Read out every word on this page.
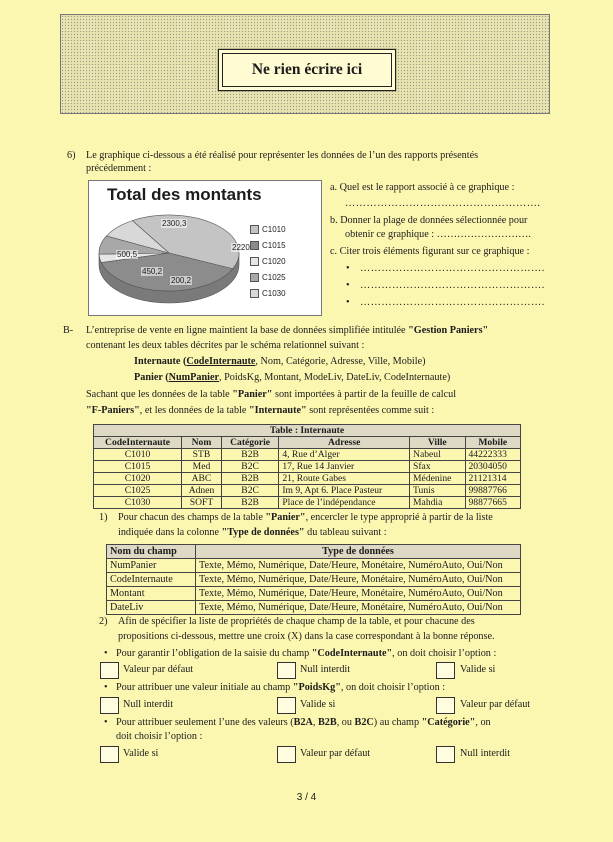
Ne rien écrire ici
6) Le graphique ci-dessous a été réalisé pour représenter les données de l’un des rapports présentés
précédemment :
Total des montants
2300,3
2220
200,2
450,2
500,5
C1010
C1015
C1020
C1025
C1030
a. Quel est le rapport associé à ce graphique :
……………………………………………….
b. Donner la plage de données sélectionnée pour
obtenir ce graphique : ……………………….
c. Citer trois éléments figurant sur ce graphique :
• …………………………………………….
• …………………………………………….
• …………………………………………….
B- L’entreprise de vente en ligne maintient la base de données simplifiée intitulée "Gestion Paniers"
contenant les deux tables décrites par le schéma relationnel suivant :
Internaute (CodeInternaute, Nom, Catégorie, Adresse, Ville, Mobile)
Panier (NumPanier, PoidsKg, Montant, ModeLiv, DateLiv, CodeInternaute)
Sachant que les données de la table "Panier" sont importées à partir de la feuille de calcul
"F-Paniers", et les données de la table "Internaute" sont représentées comme suit :
Table : Internaute					
CodeInternaute	Nom	Catégorie	Adresse	Ville	Mobile
C1010	STB	B2B	4, Rue d’Alger	Nabeul	44222333
C1015	Med	B2C	17, Rue 14 Janvier	Sfax	20304050
C1020	ABC	B2B	21, Route Gabes	Médenine	21121314
C1025	Adnen	B2C	Im 9, Apt 6. Place Pasteur	Tunis	99887766
C1030	SOFT	B2B	Place de l’indépendance	Mahdia	98877665
1) Pour chacun des champs de la table "Panier", encercler le type approprié à partir de la liste
indiquée dans la colonne "Type de données" du tableau suivant :
Nom du champ	Type de données
NumPanier	Texte, Mémo, Numérique, Date/Heure, Monétaire, NuméroAuto, Oui/Non
CodeInternaute	Texte, Mémo, Numérique, Date/Heure, Monétaire, NuméroAuto, Oui/Non
Montant	Texte, Mémo, Numérique, Date/Heure, Monétaire, NuméroAuto, Oui/Non
DateLiv	Texte, Mémo, Numérique, Date/Heure, Monétaire, NuméroAuto, Oui/Non
2) Afin de spécifier la liste de propriétés de chaque champ de la table, et pour chacune des
propositions ci-dessous, mettre une croix (X) dans la case correspondant à la bonne réponse.
• Pour garantir l’obligation de la saisie du champ "CodeInternaute", on doit choisir l’option :
Valeur par défaut	Null interdit	Valide si
• Pour attribuer une valeur initiale au champ "PoidsKg", on doit choisir l’option :
Null interdit	Valide si	Valeur par défaut
• Pour attribuer seulement l’une des valeurs (B2A, B2B, ou B2C) au champ "Catégorie", on
doit choisir l’option :
Valide si	Valeur par défaut	Null interdit
3 / 4
